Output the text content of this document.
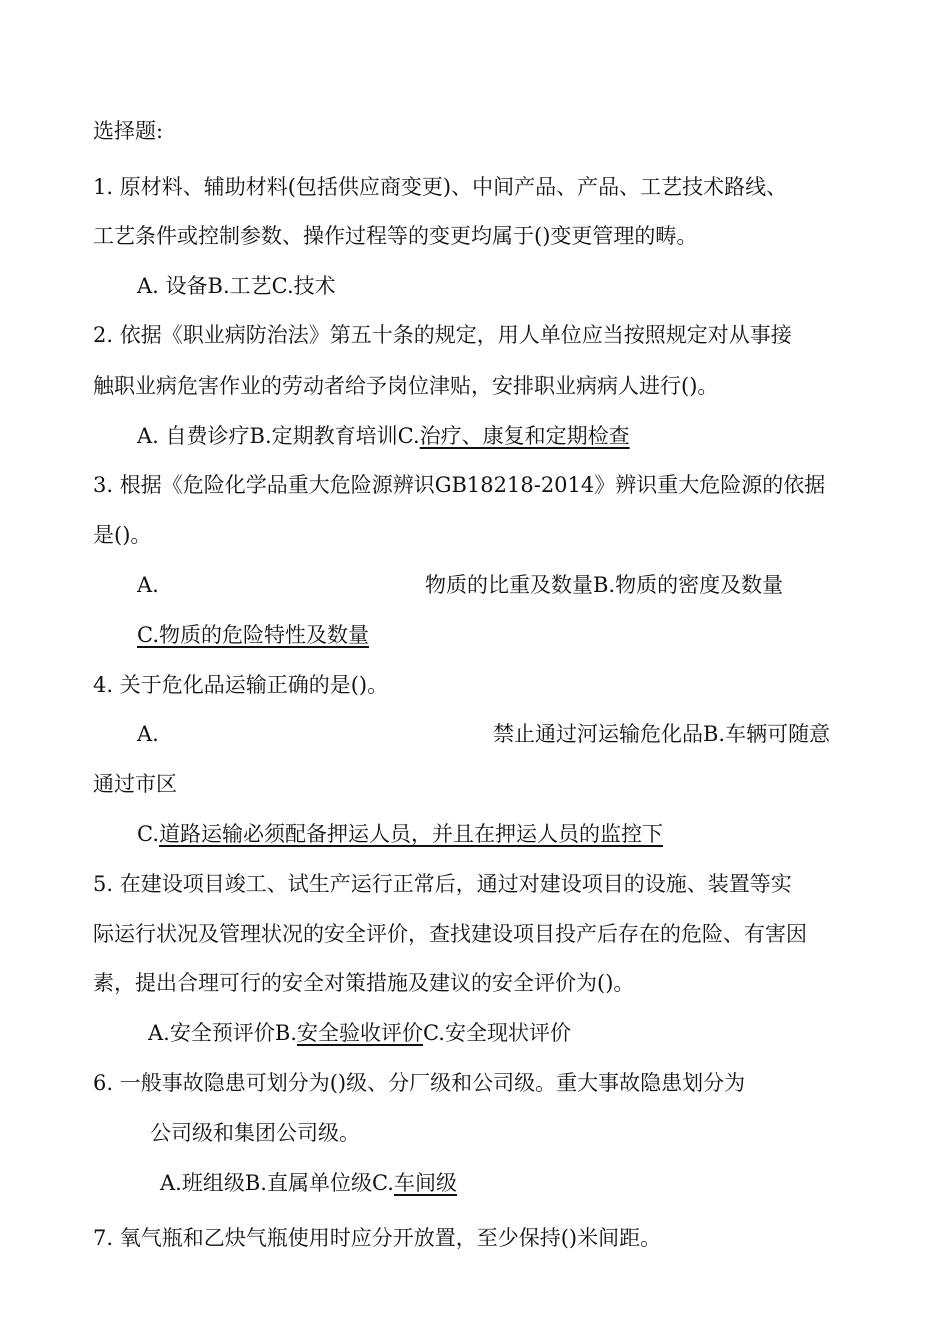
选择题:
1. 原材料、辅助材料(包括供应商变更)、中间产品、产品、工艺技术路线、
工艺条件或控制参数、操作过程等的变更均属于()变更管理的畴。
A. 设备B.工艺C.技术
2. 依据《职业病防治法》第五十条的规定，用人单位应当按照规定对从事接
触职业病危害作业的劳动者给予岗位津贴，安排职业病病人进行()。
A. 自费诊疗B.定期教育培训C.治疗、康复和定期检查
3. 根据《危险化学品重大危险源辨识GB18218-2014》辨识重大危险源的依据
是()。
A.	物质的比重及数量B.物质的密度及数量
C.物质的危险特性及数量
4. 关于危化品运输正确的是()。
A.	禁止通过河运输危化品B.车辆可随意
通过市区
C.道路运输必须配备押运人员，并且在押运人员的监控下
5. 在建设项目竣工、试生产运行正常后，通过对建设项目的设施、装置等实
际运行状况及管理状况的安全评价，查找建设项目投产后存在的危险、有害因
素，提出合理可行的安全对策措施及建议的安全评价为()。
A.安全预评价B.安全验收评价C.安全现状评价
6. 一般事故隐患可划分为()级、分厂级和公司级。重大事故隐患划分为
公司级和集团公司级。
A.班组级B.直属单位级C.车间级
7. 氧气瓶和乙炔气瓶使用时应分开放置，至少保持()米间距。
